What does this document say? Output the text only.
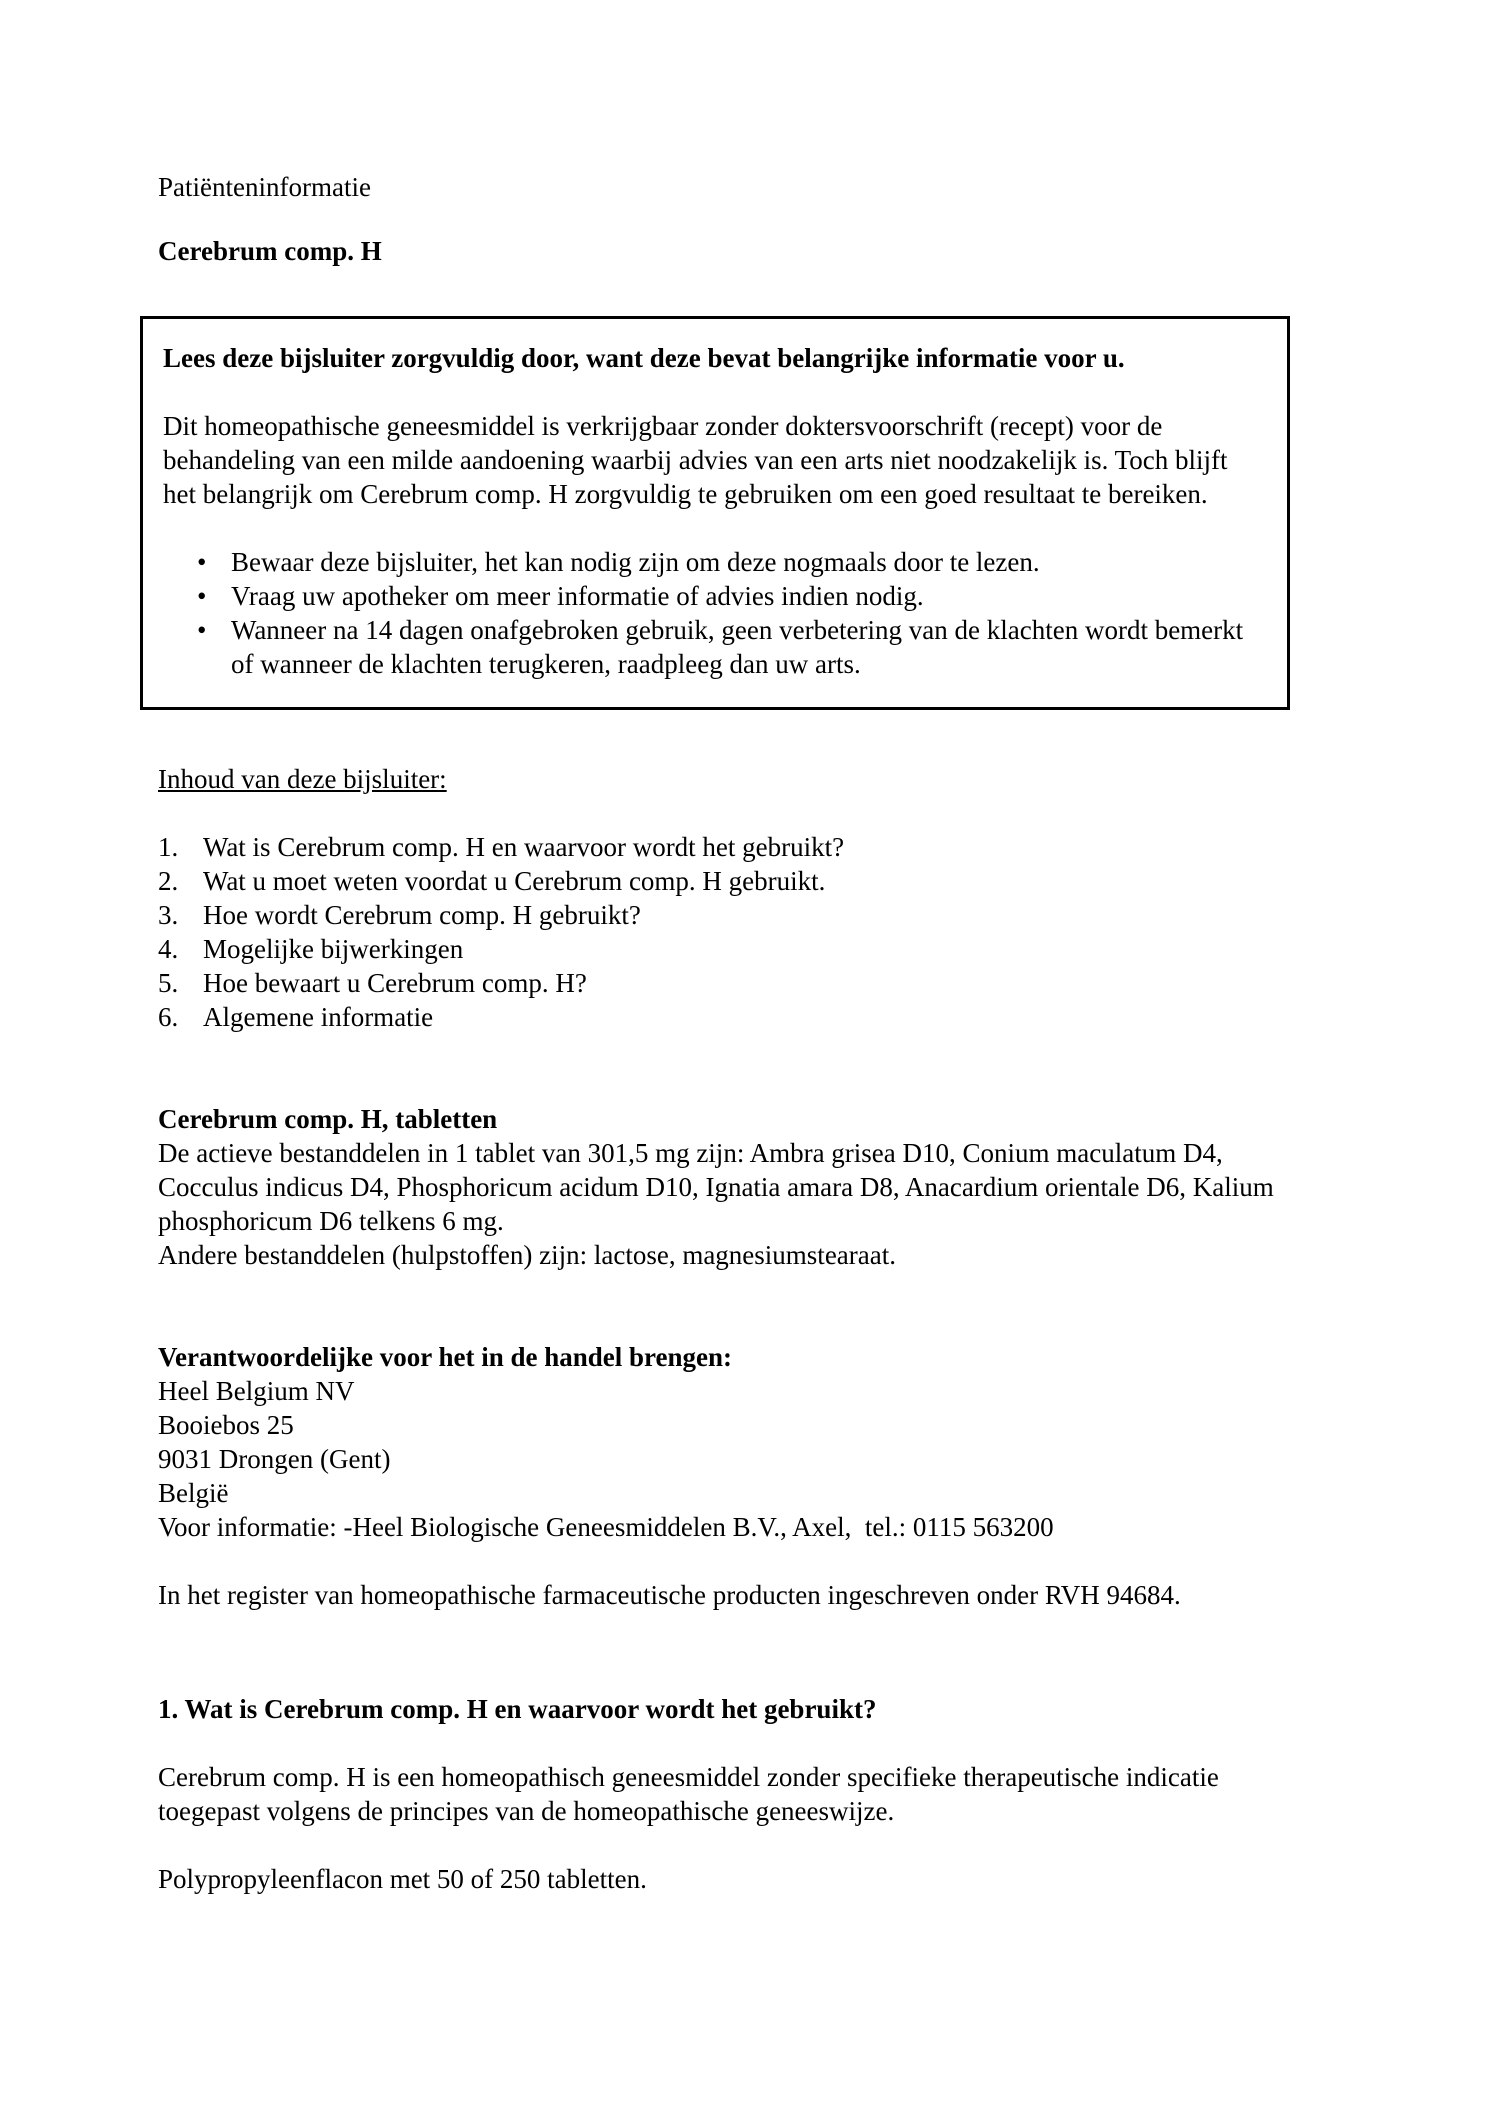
Patiënteninformatie

Cerebrum comp. H

Lees deze bijsluiter zorgvuldig door, want deze bevat belangrijke informatie voor u.

Dit homeopathische geneesmiddel is verkrijgbaar zonder doktersvoorschrift (recept) voor de behandeling van een milde aandoening waarbij advies van een arts niet noodzakelijk is. Toch blijft het belangrijk om Cerebrum comp. H zorgvuldig te gebruiken om een goed resultaat te bereiken.

• Bewaar deze bijsluiter, het kan nodig zijn om deze nogmaals door te lezen.
• Vraag uw apotheker om meer informatie of advies indien nodig.
• Wanneer na 14 dagen onafgebroken gebruik, geen verbetering van de klachten wordt bemerkt of wanneer de klachten terugkeren, raadpleeg dan uw arts.

Inhoud van deze bijsluiter:

1. Wat is Cerebrum comp. H en waarvoor wordt het gebruikt?
2. Wat u moet weten voordat u Cerebrum comp. H gebruikt.
3. Hoe wordt Cerebrum comp. H gebruikt?
4. Mogelijke bijwerkingen
5. Hoe bewaart u Cerebrum comp. H?
6. Algemene informatie

Cerebrum comp. H, tabletten

De actieve bestanddelen in 1 tablet van 301,5 mg zijn: Ambra grisea D10, Conium maculatum D4, Cocculus indicus D4, Phosphoricum acidum D10, Ignatia amara D8, Anacardium orientale D6, Kalium phosphoricum D6 telkens 6 mg.

Andere bestanddelen (hulpstoffen) zijn: lactose, magnesiumstearaat.

Verantwoordelijke voor het in de handel brengen:

Heel Belgium NV

Booiebos 25

9031 Drongen (Gent)

België

Voor informatie: -Heel Biologische Geneesmiddelen B.V., Axel,  tel.: 0115 563200

In het register van homeopathische farmaceutische producten ingeschreven onder RVH 94684.

1. Wat is Cerebrum comp. H en waarvoor wordt het gebruikt?

Cerebrum comp. H is een homeopathisch geneesmiddel zonder specifieke therapeutische indicatie toegepast volgens de principes van de homeopathische geneeswijze.

Polypropyleenflacon met 50 of 250 tabletten.
